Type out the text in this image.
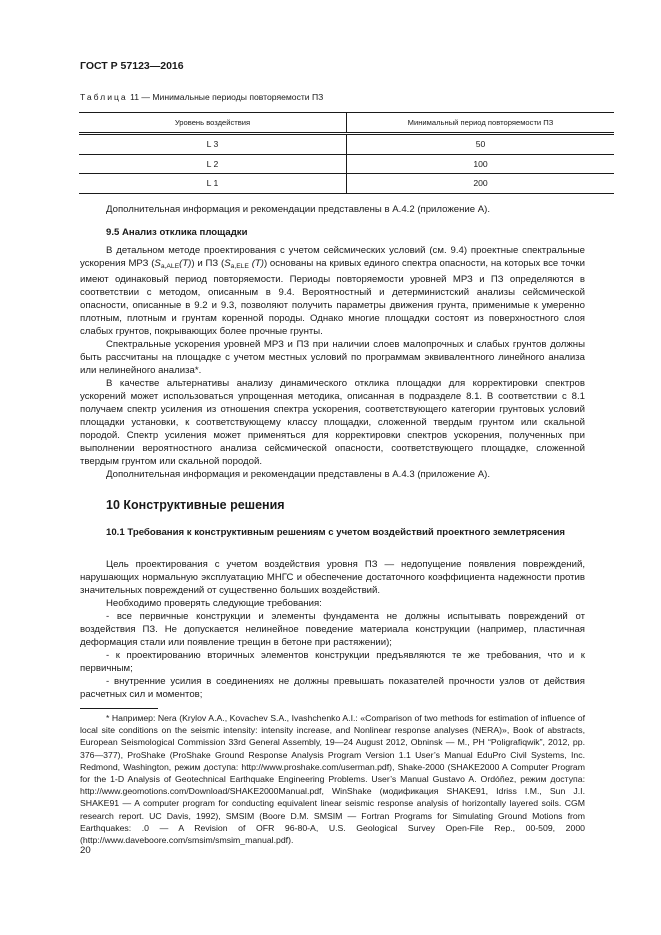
ГОСТ Р 57123—2016
Таблица 11 — Минимальные периоды повторяемости ПЗ
Уровень воздействия	Минимальный период повторяемости ПЗ
L 3	50
L 2	100
L 1	200

Дополнительная информация и рекомендации представлены в А.4.2 (приложение А).

9.5 Анализ отклика площадки

В детальном методе проектирования с учетом сейсмических условий (см. 9.4) проектные спектральные ускорения МРЗ $(S_{a,ALE}(T))$ и ПЗ ($S_{a,ELE}$ (T)) основаны на кривых единого спектра опасности, на которых все точки имеют одинаковый период повторяемости. Периоды повторяемости уровней МРЗ и ПЗ определяются в соответствии с методом, описанным в 9.4. Вероятностный и детерминистский анализы сейсмической опасности, описанные в 9.2 и 9.3, позволяют получить параметры движения грунта, применимые к умеренно плотным, плотным и грунтам коренной породы. Однако многие площадки состоят из поверхностного слоя слабых грунтов, покрывающих более прочные грунты.

Спектральные ускорения уровней МРЗ и ПЗ при наличии слоев малопрочных и слабых грунтов должны быть рассчитаны на площадке с учетом местных условий по программам эквивалентного линейного анализа или нелинейного анализа*.

В качестве альтернативы анализу динамического отклика площадки для корректировки спектров ускорений может использоваться упрощенная методика, описанная в подразделе 8.1. В соответствии с 8.1 получаем спектр усиления из отношения спектра ускорения, соответствующего категории грунтовых условий площадки установки, к соответствующему классу площадки, сложенной твердым грунтом или скальной породой. Спектр усиления может применяться для корректировки спектров ускорения, полученных при выполнении вероятностного анализа сейсмической опасности, соответствующего площадке, сложенной твердым грунтом или скальной породой.

Дополнительная информация и рекомендации представлены в А.4.3 (приложение А).

10 Конструктивные решения
10.1 Требования к конструктивным решениям с учетом воздействий проектного землетрясения

Цель проектирования с учетом воздействия уровня ПЗ — недопущение появления повреждений, нарушающих нормальную эксплуатацию МНГС и обеспечение достаточного коэффициента надежности против значительных повреждений от существенно больших воздействий.

Необходимо проверять следующие требования:

- все первичные конструкции и элементы фундамента не должны испытывать повреждений от воздействия ПЗ. Не допускается нелинейное поведение материала конструкции (например, пластичная деформация стали или появление трещин в бетоне при растяжении);

- к проектированию вторичных элементов конструкции предъявляются те же требования, что и к первичным;

- внутренние усилия в соединениях не должны превышать показателей прочности узлов от действия расчетных сил и моментов;

* Например: Nera (Krylov A.A., Kovachev S.A., Ivashchenko A.I.: «Comparison of two methods for estimation of influence of local site conditions on the seismic intensity: intensity increase, and Nonlinear response analyses (NERA)», Book of abstracts, European Seismological Commission 33rd General Assembly, 19—24 August 2012, Obninsk — M., PH “Poligrafiqwik”, 2012, pp. 376—377), ProShake (ProShake Ground Response Analysis Program Version 1.1 User’s Manual EduPro Civil Systems, Inc. Redmond, Washington, режим доступа: http://www.proshake.com/userman.pdf), Shake-2000 (SHAKE2000 A Computer Program for the 1-D Analysis of Geotechnical Earthquake Engineering Problems. User’s Manual Gustavo A. Ordóñez, режим доступа: http://www.geomotions.com/Download/SHAKE2000Manual.pdf, WinShake (модификация SHAKE91, Idriss I.M., Sun J.I. SHAKE91 — A computer program for conducting equivalent linear seismic response analysis of horizontally layered soils. CGM research report. UC Davis, 1992), SMSIM (Boore D.M. SMSIM — Fortran Programs for Simulating Ground Motions from Earthquakes: .0 — A Revision of OFR 96-80-A, U.S. Geological Survey Open-File Rep., 00-509, 2000 (http://www.daveboore.com/smsim/smsim_manual.pdf).

20
